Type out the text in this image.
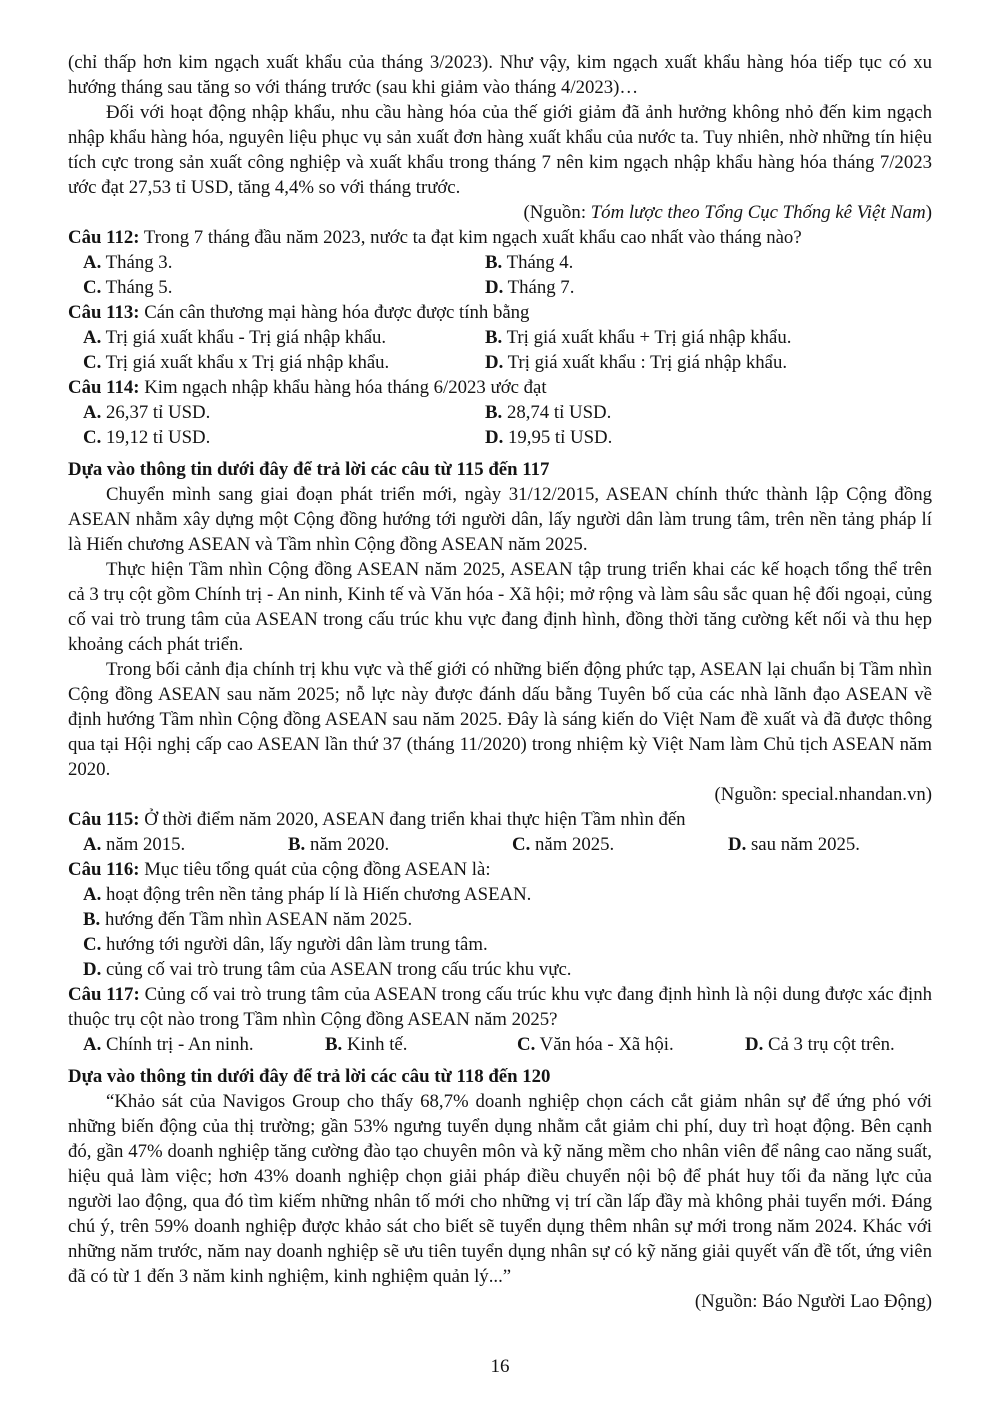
(chỉ thấp hơn kim ngạch xuất khẩu của tháng 3/2023). Như vậy, kim ngạch xuất khẩu hàng hóa tiếp tục có xu hướng tháng sau tăng so với tháng trước (sau khi giảm vào tháng 4/2023)…
Đối với hoạt động nhập khẩu, nhu cầu hàng hóa của thế giới giảm đã ảnh hưởng không nhỏ đến kim ngạch nhập khẩu hàng hóa, nguyên liệu phục vụ sản xuất đơn hàng xuất khẩu của nước ta. Tuy nhiên, nhờ những tín hiệu tích cực trong sản xuất công nghiệp và xuất khẩu trong tháng 7 nên kim ngạch nhập khẩu hàng hóa tháng 7/2023 ước đạt 27,53 tỉ USD, tăng 4,4% so với tháng trước.
(Nguồn: Tóm lược theo Tổng Cục Thống kê Việt Nam)
Câu 112: Trong 7 tháng đầu năm 2023, nước ta đạt kim ngạch xuất khẩu cao nhất vào tháng nào?
A. Tháng 3.	B. Tháng 4.
C. Tháng 5.	D. Tháng 7.
Câu 113: Cán cân thương mại hàng hóa được được tính bằng
A. Trị giá xuất khẩu - Trị giá nhập khẩu.	B. Trị giá xuất khẩu + Trị giá nhập khẩu.
C. Trị giá xuất khẩu x Trị giá nhập khẩu.	D. Trị giá xuất khẩu : Trị giá nhập khẩu.
Câu 114: Kim ngạch nhập khẩu hàng hóa tháng 6/2023 ước đạt
A. 26,37 tỉ USD.	B. 28,74 tỉ USD.
C. 19,12 tỉ USD.	D. 19,95 tỉ USD.
Dựa vào thông tin dưới đây để trả lời các câu từ 115 đến 117
Chuyển mình sang giai đoạn phát triển mới, ngày 31/12/2015, ASEAN chính thức thành lập Cộng đồng ASEAN nhằm xây dựng một Cộng đồng hướng tới người dân, lấy người dân làm trung tâm, trên nền tảng pháp lí là Hiến chương ASEAN và Tầm nhìn Cộng đồng ASEAN năm 2025.
Thực hiện Tầm nhìn Cộng đồng ASEAN năm 2025, ASEAN tập trung triển khai các kế hoạch tổng thể trên cả 3 trụ cột gồm Chính trị - An ninh, Kinh tế và Văn hóa - Xã hội; mở rộng và làm sâu sắc quan hệ đối ngoại, củng cố vai trò trung tâm của ASEAN trong cấu trúc khu vực đang định hình, đồng thời tăng cường kết nối và thu hẹp khoảng cách phát triển.
Trong bối cảnh địa chính trị khu vực và thế giới có những biến động phức tạp, ASEAN lại chuẩn bị Tầm nhìn Cộng đồng ASEAN sau năm 2025; nỗ lực này được đánh dấu bằng Tuyên bố của các nhà lãnh đạo ASEAN về định hướng Tầm nhìn Cộng đồng ASEAN sau năm 2025. Đây là sáng kiến do Việt Nam đề xuất và đã được thông qua tại Hội nghị cấp cao ASEAN lần thứ 37 (tháng 11/2020) trong nhiệm kỳ Việt Nam làm Chủ tịch ASEAN năm 2020.
(Nguồn: special.nhandan.vn)
Câu 115: Ở thời điểm năm 2020, ASEAN đang triển khai thực hiện Tầm nhìn đến
A. năm 2015.	B. năm 2020.	C. năm 2025.	D. sau năm 2025.
Câu 116: Mục tiêu tổng quát của cộng đồng ASEAN là:
A. hoạt động trên nền tảng pháp lí là Hiến chương ASEAN.
B. hướng đến Tầm nhìn ASEAN năm 2025.
C. hướng tới người dân, lấy người dân làm trung tâm.
D. củng cố vai trò trung tâm của ASEAN trong cấu trúc khu vực.
Câu 117: Củng cố vai trò trung tâm của ASEAN trong cấu trúc khu vực đang định hình là nội dung được xác định thuộc trụ cột nào trong Tầm nhìn Cộng đồng ASEAN năm 2025?
A. Chính trị - An ninh.	B. Kinh tế.	C. Văn hóa - Xã hội.	D. Cả 3 trụ cột trên.
Dựa vào thông tin dưới đây để trả lời các câu từ 118 đến 120
“Khảo sát của Navigos Group cho thấy 68,7% doanh nghiệp chọn cách cắt giảm nhân sự để ứng phó với những biến động của thị trường; gần 53% ngưng tuyển dụng nhằm cắt giảm chi phí, duy trì hoạt động. Bên cạnh đó, gần 47% doanh nghiệp tăng cường đào tạo chuyên môn và kỹ năng mềm cho nhân viên để nâng cao năng suất, hiệu quả làm việc; hơn 43% doanh nghiệp chọn giải pháp điều chuyển nội bộ để phát huy tối đa năng lực của người lao động, qua đó tìm kiếm những nhân tố mới cho những vị trí cần lấp đầy mà không phải tuyển mới. Đáng chú ý, trên 59% doanh nghiệp được khảo sát cho biết sẽ tuyển dụng thêm nhân sự mới trong năm 2024. Khác với những năm trước, năm nay doanh nghiệp sẽ ưu tiên tuyển dụng nhân sự có kỹ năng giải quyết vấn đề tốt, ứng viên đã có từ 1 đến 3 năm kinh nghiệm, kinh nghiệm quản lý...”
(Nguồn: Báo Người Lao Động)
16
